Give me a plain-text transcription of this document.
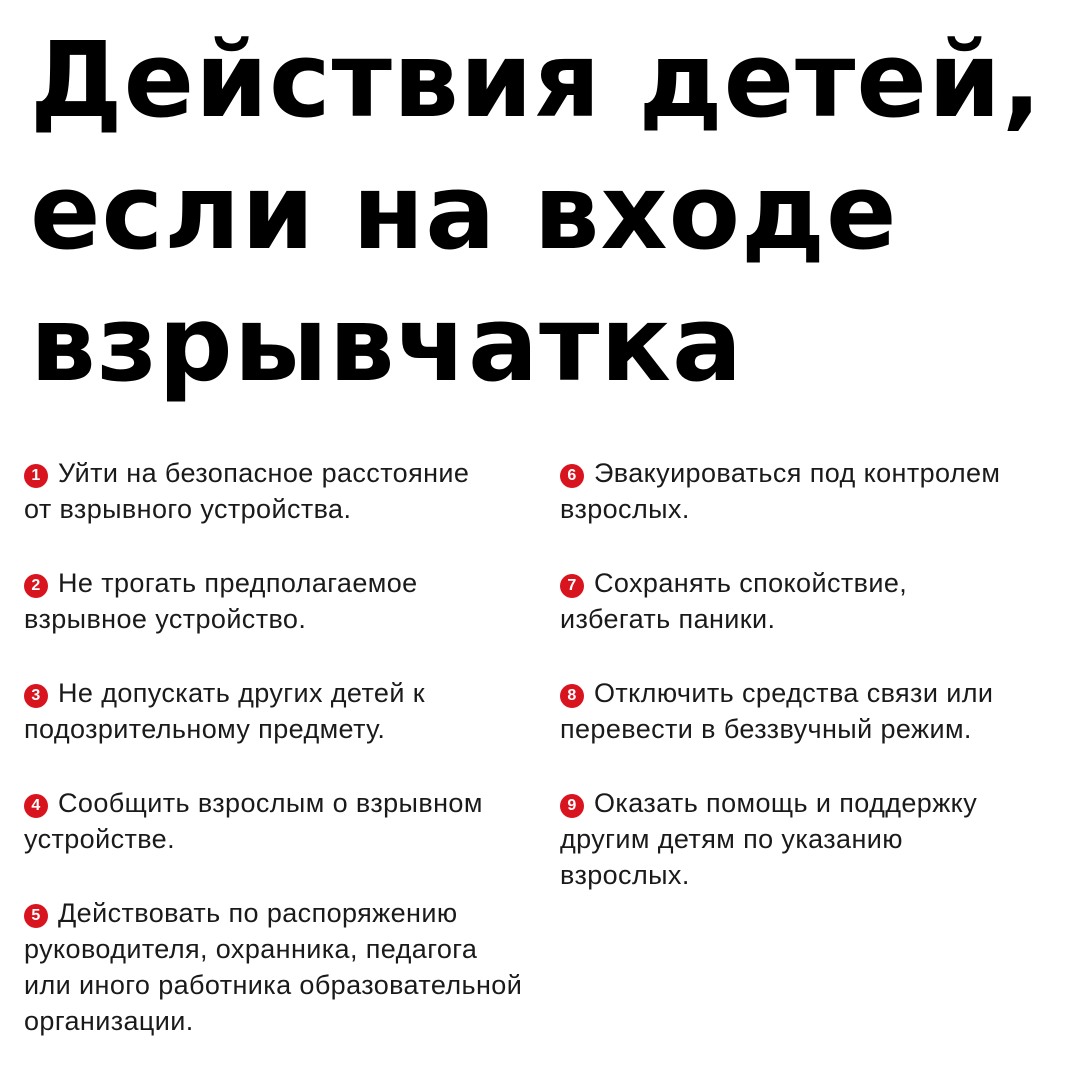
Действия детей,
если на входе
взрывчатка

1 Уйти на безопасное расстояние от взрывного устройства.

2 Не трогать предполагаемое взрывное устройство.

3 Не допускать других детей к подозрительному предмету.

4 Сообщить взрослым о взрывном устройстве.

5 Действовать по распоряжению руководителя, охранника, педагога или иного работника образовательной организации.

6 Эвакуироваться под контролем взрослых.

7 Сохранять спокойствие, избегать паники.

8 Отключить средства связи или перевести в беззвучный режим.

9 Оказать помощь и поддержку другим детям по указанию взрослых.
